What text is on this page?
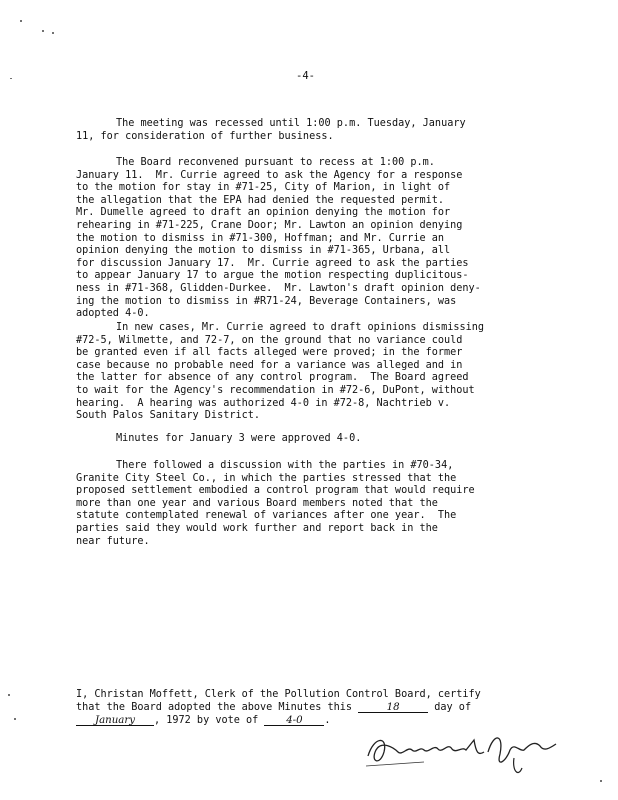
-4-
The meeting was recessed until 1:00 p.m. Tuesday, January
11, for consideration of further business.
The Board reconvened pursuant to recess at 1:00 p.m.
January 11.  Mr. Currie agreed to ask the Agency for a response
to the motion for stay in #71-25, City of Marion, in light of
the allegation that the EPA had denied the requested permit.
Mr. Dumelle agreed to draft an opinion denying the motion for
rehearing in #71-225, Crane Door; Mr. Lawton an opinion denying
the motion to dismiss in #71-300, Hoffman; and Mr. Currie an
opinion denying the motion to dismiss in #71-365, Urbana, all
for discussion January 17.  Mr. Currie agreed to ask the parties
to appear January 17 to argue the motion respecting duplicitous-
ness in #71-368, Glidden-Durkee.  Mr. Lawton's draft opinion deny-
ing the motion to dismiss in #R71-24, Beverage Containers, was
adopted 4-0.
In new cases, Mr. Currie agreed to draft opinions dismissing
#72-5, Wilmette, and 72-7, on the ground that no variance could
be granted even if all facts alleged were proved; in the former
case because no probable need for a variance was alleged and in
the latter for absence of any control program.  The Board agreed
to wait for the Agency's recommendation in #72-6, DuPont, without
hearing.  A hearing was authorized 4-0 in #72-8, Nachtrieb v.
South Palos Sanitary District.
Minutes for January 3 were approved 4-0.
There followed a discussion with the parties in #70-34,
Granite City Steel Co., in which the parties stressed that the
proposed settlement embodied a control program that would require
more than one year and various Board members noted that the
statute contemplated renewal of variances after one year.  The
parties said they would work further and report back in the
near future.
I, Christan Moffett, Clerk of the Pollution Control Board, certify
that the Board adopted the above Minutes this	18	day of
January , 1972 by vote of 4-0 .
